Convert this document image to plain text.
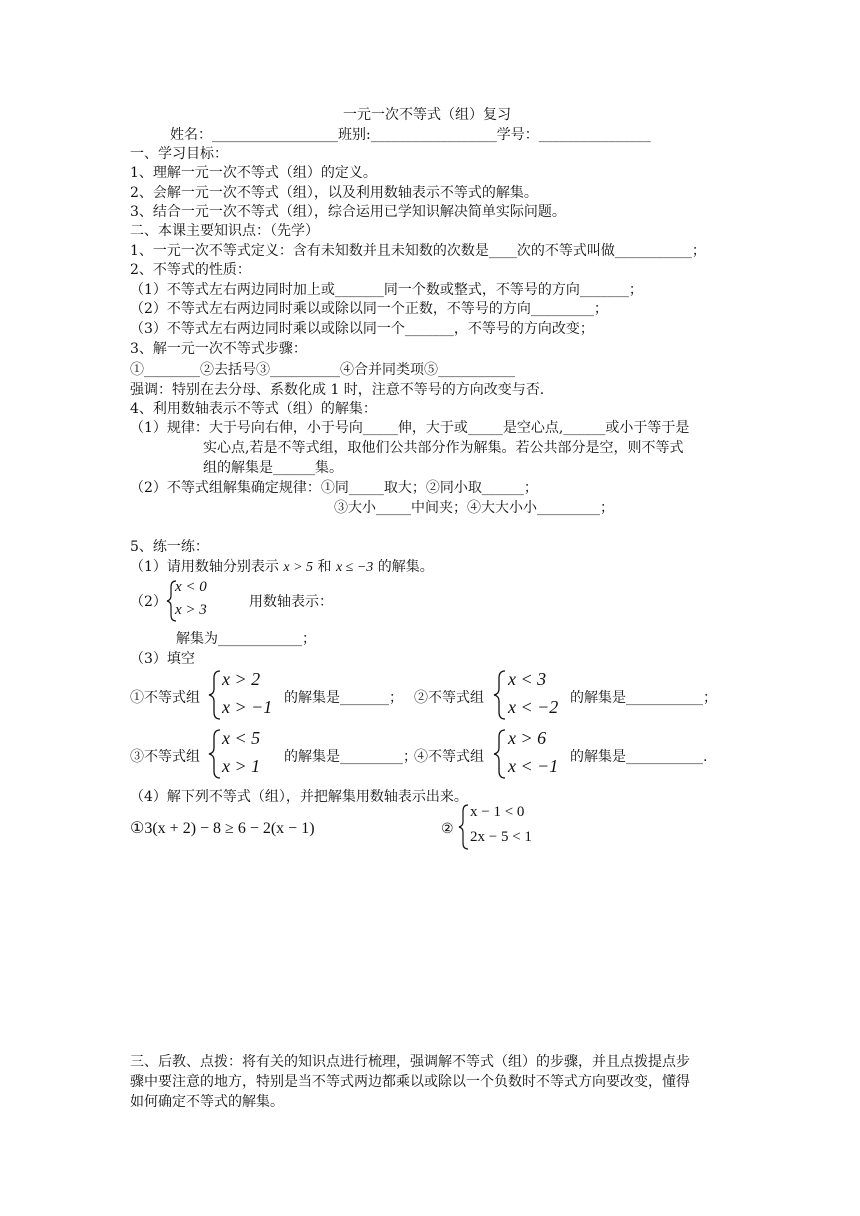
一元一次不等式（组）复习
姓名：__________________班别:__________________学号：________________
一、学习目标：
1、理解一元一次不等式（组）的定义。
2、会解一元一次不等式（组），以及利用数轴表示不等式的解集。
3、结合一元一次不等式（组），综合运用已学知识解决简单实际问题。
二、本课主要知识点：（先学）
1、一元一次不等式定义：含有未知数并且未知数的次数是____次的不等式叫做___________；
2、不等式的性质：
（1）不等式左右两边同时加上或_______同一个数或整式，不等号的方向_______；
（2）不等式左右两边同时乘以或除以同一个正数，不等号的方向_________；
（3）不等式左右两边同时乘以或除以同一个_______，不等号的方向改变；
3、解一元一次不等式步骤：
①________②去括号③__________④合并同类项⑤___________
强调：特别在去分母、系数化成 1 时，注意不等号的方向改变与否.
4、利用数轴表示不等式（组）的解集：
（1）规律：大于号向右伸，小于号向_____伸，大于或_____是空心点,______或小于等于是
实心点,若是不等式组，取他们公共部分作为解集。若公共部分是空，则不等式
组的解集是______集。
（2）不等式组解集确定规律：①同_____取大；②同小取______；
③大小_____中间夹；④大大小小_________；
5、练一练：
（1）请用数轴分别表示 x > 5 和 x ≤ −3 的解集。
（2）
x < 0
x > 3	用数轴表示：
解集为____________；
（3）填空
①不等式组
x > 2
x > −1 的解集是_______； ②不等式组
x < 3
x < −2 的解集是___________；
③不等式组
x < 5
x > 1 的解集是_________；
④不等式组
x > 6
x < −1 的解集是___________.
（4）解下列不等式（组），并把解集用数轴表示出来。
①3(x + 2) − 8 ≥ 6 − 2(x − 1)	②
x − 1 < 0
2x − 5 < 1
三、后教、点拨：将有关的知识点进行梳理，强调解不等式（组）的步骤，并且点拨提点步
骤中要注意的地方，特别是当不等式两边都乘以或除以一个负数时不等式方向要改变，懂得
如何确定不等式的解集。
